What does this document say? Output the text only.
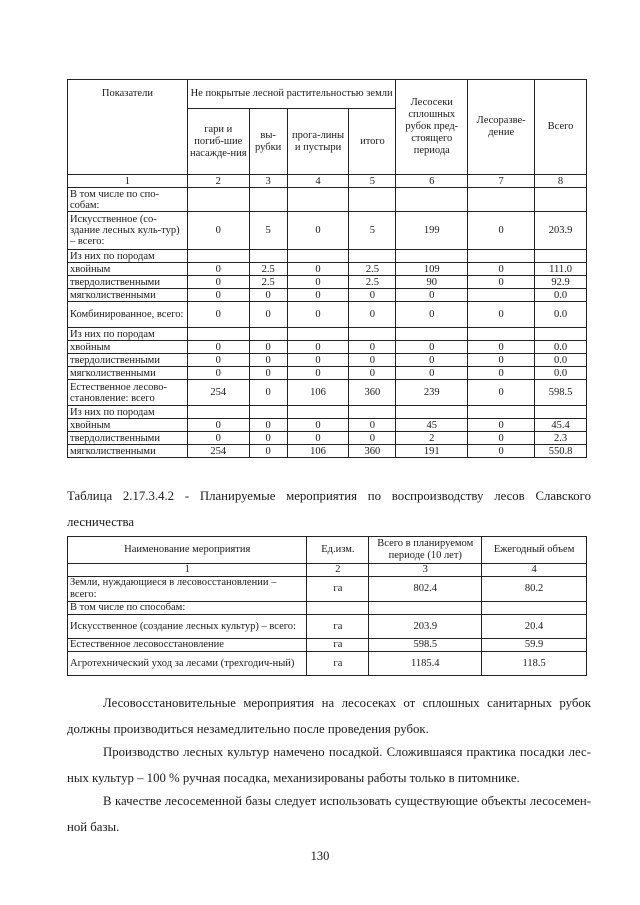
Показатели	Не покрытые лесной растительностью земли				Лесосеки сплошных рубок пред-стоящего периода	Лесоразве-дение	Всего
	гари и погиб-шие насажде-ния	вы-рубки	прога-лины и пустыри	итого			
1	2	3	4	5	6	7	8
В том числе по спо-собам:							
Искусственное (со-здание лесных куль-тур) – всего:	0	5	0	5	199	0	203.9
Из них по породам							
хвойным	0	2.5	0	2.5	109	0	111.0
твердолиственными	0	2.5	0	2.5	90	0	92.9
мягколиственными	0	0	0	0	0		0.0
Комбинированное, всего:	0	0	0	0	0	0	0.0
Из них по породам							
хвойным	0	0	0	0	0	0	0.0
твердолиственными	0	0	0	0	0	0	0.0
мягколиственными	0	0	0	0	0	0	0.0
Естественное лесово-становление: всего	254	0	106	360	239	0	598.5
Из них по породам							
хвойным	0	0	0	0	45	0	45.4
твердолиственными	0	0	0	0	2	0	2.3
мягколиственными	254	0	106	360	191	0	550.8

Таблица 2.17.3.4.2 - Планируемые мероприятия по воспроизводству лесов Славского

лесничества

Наименование мероприятия	Ед.изм.	Всего в планируемом периоде (10 лет)	Ежегодный объем
1	2	3	4
Земли, нуждающиеся в лесовосстановлении – всего:	га	802.4	80.2
В том числе по способам:			
Искусственное (создание лесных культур) – всего:	га	203.9	20.4
Естественное лесовосстановление	га	598.5	59.9
Агротехнический уход за лесами (трехгодич-ный)	га	1185.4	118.5

Лесовосстановительные мероприятия на лесосеках от сплошных санитарных рубок должны производиться незамедлительно после проведения рубок.

Производство лесных культур намечено посадкой. Сложившаяся практика посадки лес-ных культур – 100 % ручная посадка, механизированы работы только в питомнике.

В качестве лесосеменной базы следует использовать существующие объекты лесосемен-ной базы.

130
